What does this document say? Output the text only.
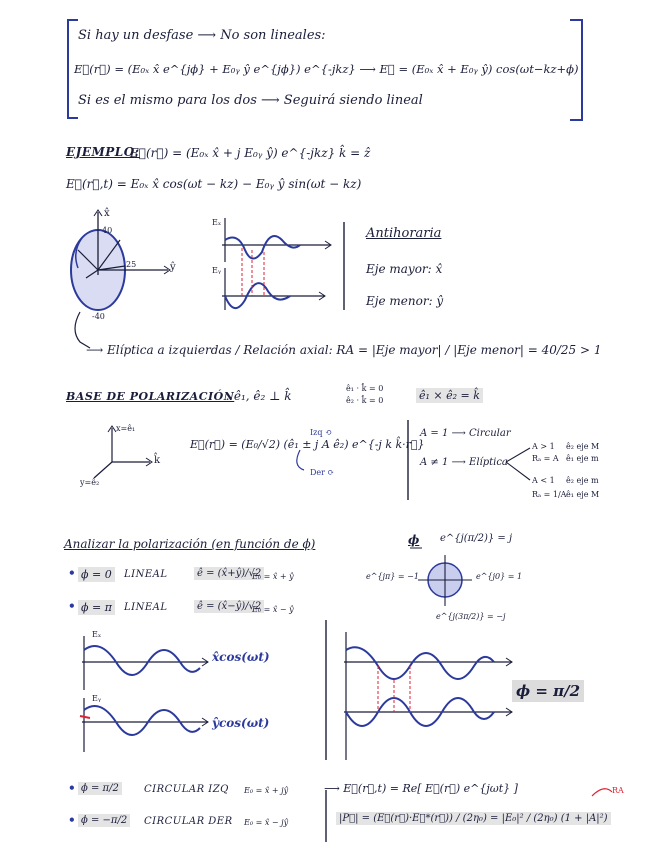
Si hay un desfase ⟶ No son lineales:
E⃗(r⃗) = (E₀ₓ x̂ e^{jϕ} + E₀ᵧ ŷ e^{jϕ}) e^{-jkz} ⟶ E⃗ = (E₀ₓ x̂ + E₀ᵧ ŷ) cos(ωt−kz+ϕ)
Si es el mismo para los dos ⟶ Seguirá siendo lineal
EJEMPLO:
E⃗(r⃗) = (E₀ₓ x̂ + j E₀ᵧ ŷ) e^{-jkz} k̂ = ẑ
E⃗(r⃗,t) = E₀ₓ x̂ cos(ωt − kz) − E₀ᵧ ŷ sin(ωt − kz)
40
25
-40
x̂
ŷ
Eₓ
Eᵧ
Antihoraria
Eje mayor: x̂
Eje menor: ŷ
⟶ Elíptica a izquierdas / Relación axial: RA = |Eje mayor| / |Eje menor| = 40/25 > 1
BASE DE POLARIZACIÓN
: ê₁, ê₂ ⊥ k̂
ê₁ · k̂ = 0
ê₂ · k̂ = 0	ê₁ × ê₂ = k̂
x=ê₁
y=ê₂
k̂
E⃗(r⃗) = (E₀/√2) (ê₁ ± j A ê₂) e^{-j k k̂·r⃗}
Izq ⟲
Der ⟳
A = 1 ⟶ Circular
A ≠ 1 ⟶ Elíptica
A > 1 ê₂ eje M
Rₐ = A ê₁ eje m
A < 1 ê₂ eje m
Rₐ = 1/A ê₁ eje M
Analizar la polarización (en función de ϕ)	ϕ e^{j(π/2)} = j
e^{jπ} = −1	e^{j0} = 1
e^{j(3π/2)} = −j
• ϕ = 0	LINEAL	ê = (x̂+ŷ)/√2
E₀ = x̂ + ŷ
• ϕ = π	LINEAL	ê = (x̂−ŷ)/√2
E₀ = x̂ − ŷ
Eₓ
Eᵧ
x̂cos(ωt)
ŷcos(ωt)
ϕ = π/2
• ϕ = π/2	CIRCULAR IZQ E₀ = x̂ + jŷ
• ϕ = −π/2	CIRCULAR DER E₀ = x̂ − jŷ
⟶ E⃗(r⃗,t) = Re[ E⃗(r⃗) e^{jωt} ]
|P⃗| = (E⃗(r⃗)·E⃗*(r⃗)) / (2η₀) = |E₀|² / (2η₀) (1 + |A|²)
RA
